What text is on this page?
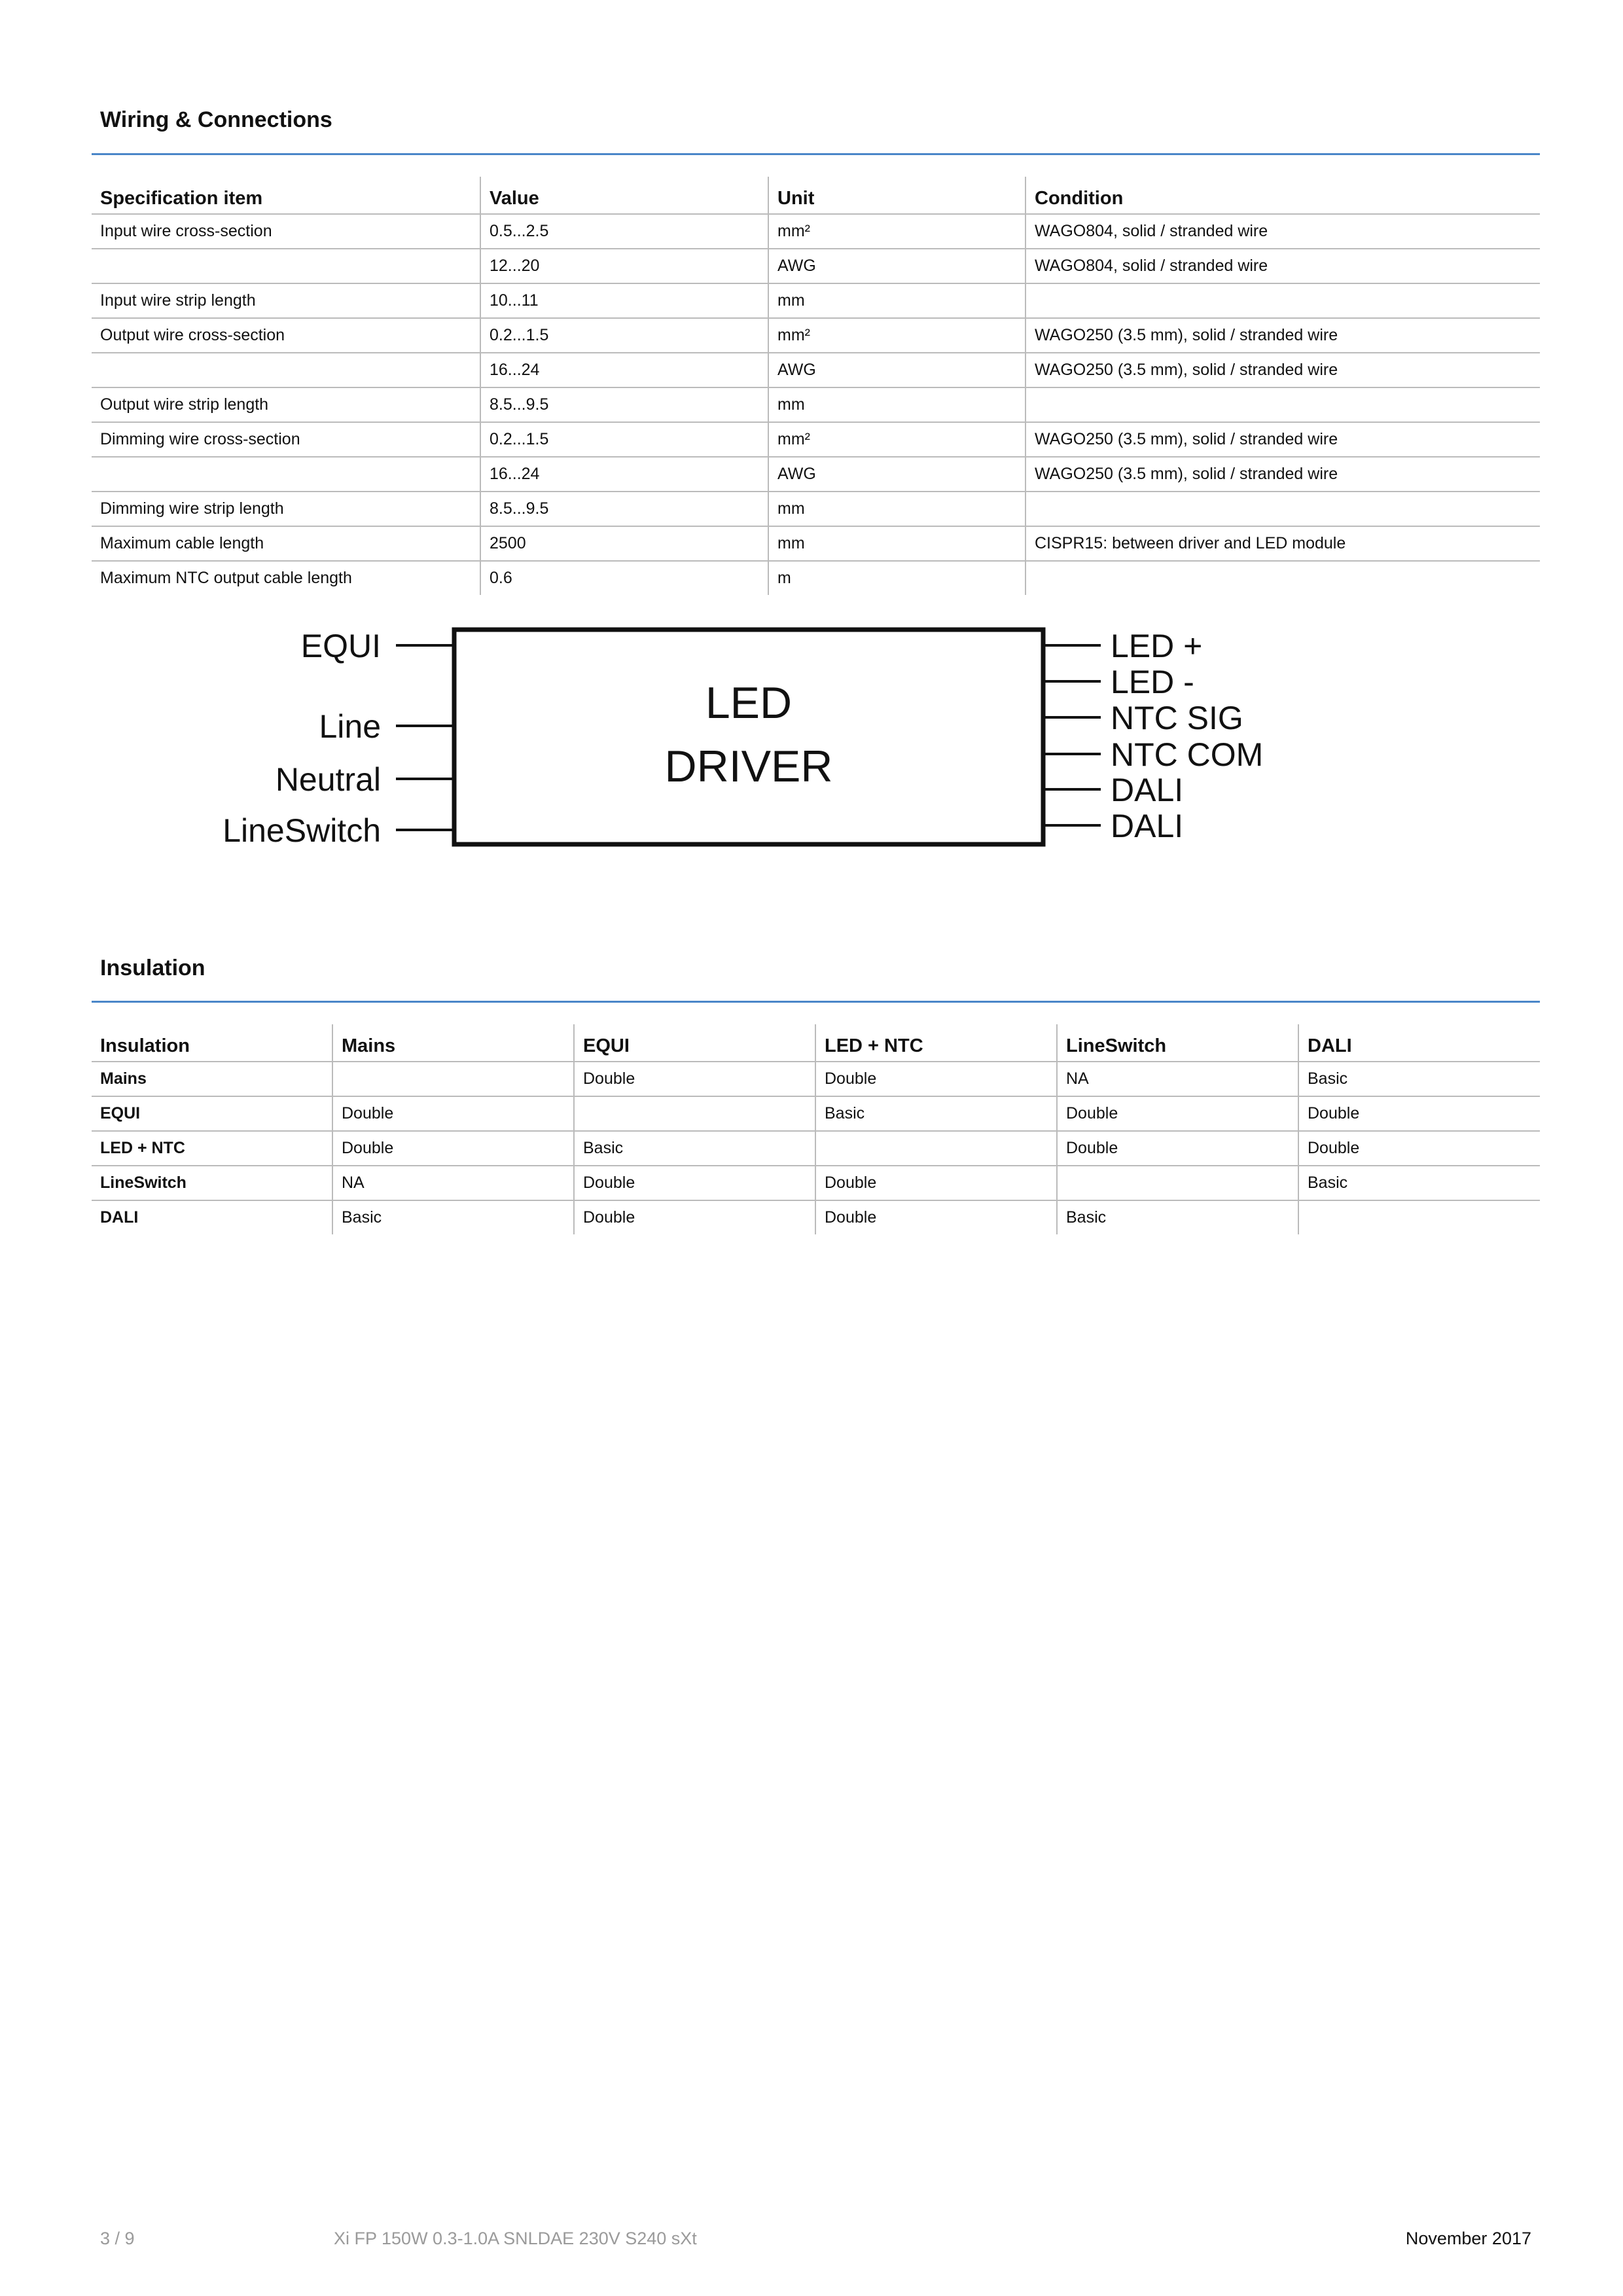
Wiring & Connections
Specification item	Value	Unit	Condition
Input wire cross-section	0.5...2.5	mm²	WAGO804, solid / stranded wire
	12...20	AWG	WAGO804, solid / stranded wire
Input wire strip length	10...11	mm	
Output wire cross-section	0.2...1.5	mm²	WAGO250 (3.5 mm), solid / stranded wire
	16...24	AWG	WAGO250 (3.5 mm), solid / stranded wire
Output wire strip length	8.5...9.5	mm	
Dimming wire cross-section	0.2...1.5	mm²	WAGO250 (3.5 mm), solid / stranded wire
	16...24	AWG	WAGO250 (3.5 mm), solid / stranded wire
Dimming wire strip length	8.5...9.5	mm	
Maximum cable length	2500	mm	CISPR15: between driver and LED module
Maximum NTC output cable length	0.6	m	
LED
DRIVER
EQUI
Line
Neutral
LineSwitch
LED +
LED -
NTC SIG
NTC COM
DALI
DALI
Insulation
Insulation	Mains	EQUI	LED + NTC	LineSwitch	DALI
Mains		Double	Double	NA	Basic
EQUI	Double		Basic	Double	Double
LED + NTC	Double	Basic		Double	Double
LineSwitch	NA	Double	Double		Basic
DALI	Basic	Double	Double	Basic	
3 / 9	Xi FP 150W 0.3-1.0A SNLDAE 230V S240 sXt	November 2017
